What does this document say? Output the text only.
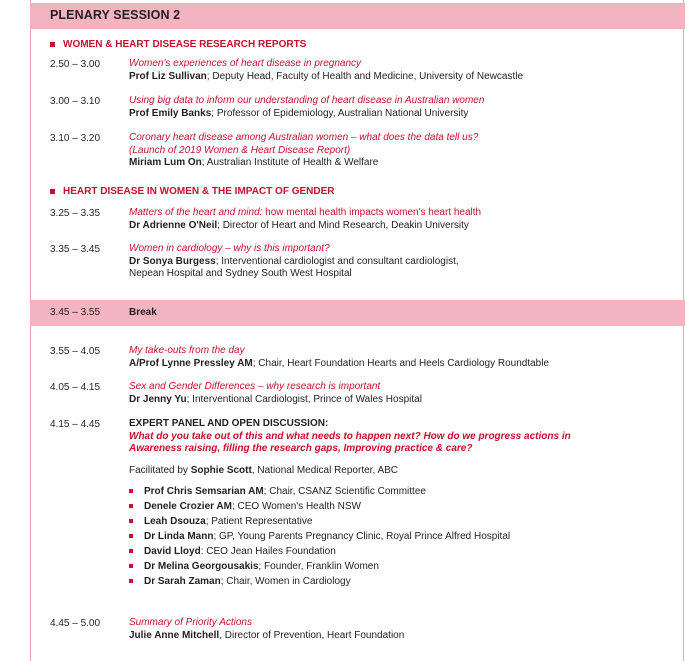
PLENARY SESSION 2
WOMEN & HEART DISEASE RESEARCH REPORTS
2.50 – 3.00	Women's experiences of heart disease in pregnancy
Prof Liz Sullivan; Deputy Head, Faculty of Health and Medicine, University of Newcastle
3.00 – 3.10	Using big data to inform our understanding of heart disease in Australian women
Prof Emily Banks; Professor of Epidemiology, Australian National University
3.10 – 3.20	Coronary heart disease among Australian women – what does the data tell us?
(Launch of 2019 Women & Heart Disease Report)
Miriam Lum On; Australian Institute of Health & Welfare
HEART DISEASE IN WOMEN & THE IMPACT OF GENDER
3.25 – 3.35	Matters of the heart and mind: how mental health impacts women's heart health
Dr Adrienne O'Neil; Director of Heart and Mind Research, Deakin University
3.35 – 3.45	Women in cardiology – why is this important?
Dr Sonya Burgess; Interventional cardiologist and consultant cardiologist,
Nepean Hospital and Sydney South West Hospital
3.45 – 3.55	Break
3.55 – 4.05	My take-outs from the day
A/Prof Lynne Pressley AM; Chair, Heart Foundation Hearts and Heels Cardiology Roundtable
4.05 – 4.15	Sex and Gender Differences – why research is important
Dr Jenny Yu; Interventional Cardiologist, Prince of Wales Hospital
4.15 – 4.45	EXPERT PANEL AND OPEN DISCUSSION:
What do you take out of this and what needs to happen next? How do we progress actions in
Awareness raising, filling the research gaps, Improving practice & care?
Facilitated by Sophie Scott, National Medical Reporter, ABC
Prof Chris Semsarian AM; Chair, CSANZ Scientific Committee
Denele Crozier AM; CEO Women's Health NSW
Leah Dsouza; Patient Representative
Dr Linda Mann; GP, Young Parents Pregnancy Clinic, Royal Prince Alfred Hospital
David Lloyd: CEO Jean Hailes Foundation
Dr Melina Georgousakis; Founder, Franklin Women
Dr Sarah Zaman; Chair, Women in Cardiology
4.45 – 5.00	Summary of Priority Actions
Julie Anne Mitchell, Director of Prevention, Heart Foundation
